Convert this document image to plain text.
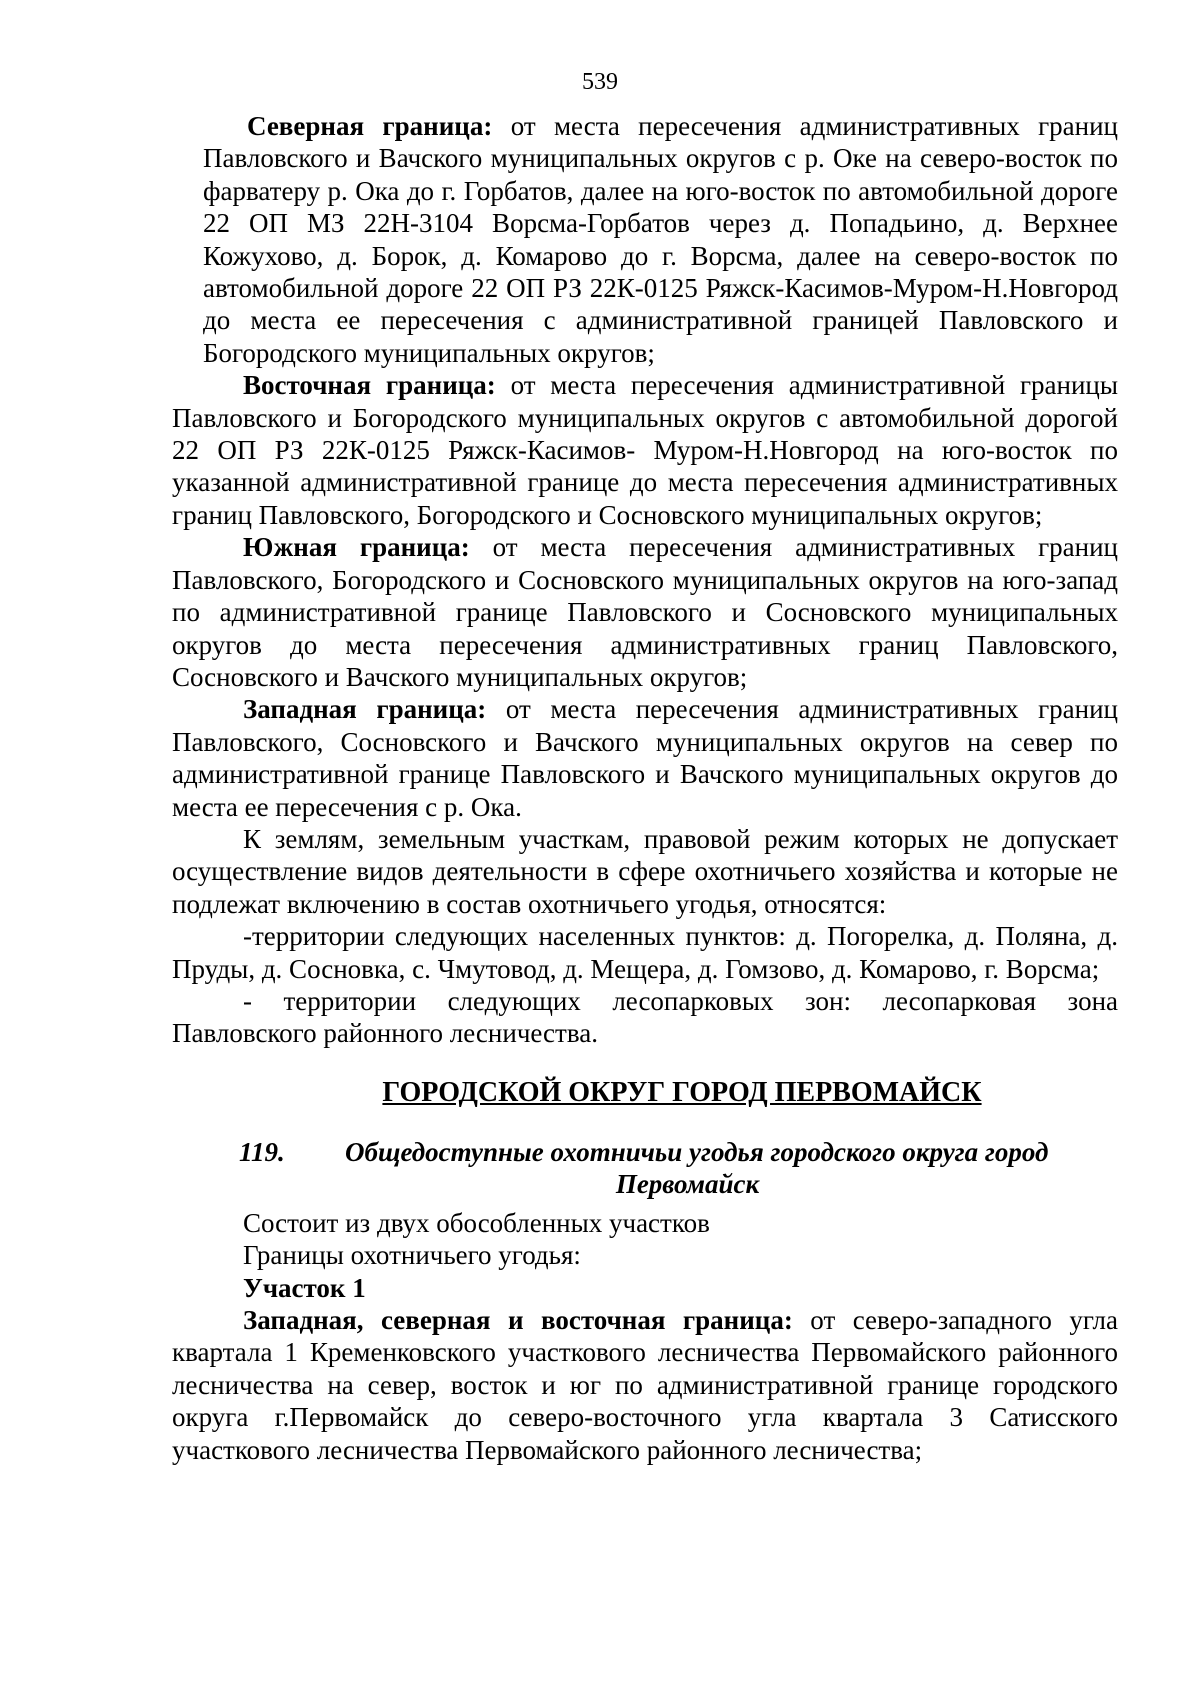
539

Северная граница: от места пересечения административных границ Павловского и Вачского муниципальных округов с р. Оке на северо-восток по фарватеру р. Ока до г. Горбатов, далее на юго-восток по автомобильной дороге 22 ОП МЗ 22Н-3104 Ворсма-Горбатов через д. Попадьино, д. Верхнее Кожухово, д. Борок, д. Комарово до г. Ворсма, далее на северо-восток по автомобильной дороге 22 ОП РЗ 22К-0125 Ряжск-Касимов-Муром-Н.Новгород до места ее пересечения с административной границей Павловского и Богородского муниципальных округов;

Восточная граница: от места пересечения административной границы Павловского и Богородского муниципальных округов с автомобильной дорогой 22 ОП РЗ 22К-0125 Ряжск-Касимов- Муром-Н.Новгород на юго-восток по указанной административной границе до места пересечения административных границ Павловского, Богородского и Сосновского муниципальных округов;

Южная граница: от места пересечения административных границ Павловского, Богородского и Сосновского муниципальных округов на юго-запад по административной границе Павловского и Сосновского муниципальных округов до места пересечения административных границ Павловского, Сосновского и Вачского муниципальных округов;

Западная граница: от места пересечения административных границ Павловского, Сосновского и Вачского муниципальных округов на север по административной границе Павловского и Вачского муниципальных округов до места ее пересечения с р. Ока.

К землям, земельным участкам, правовой режим которых не допускает осуществление видов деятельности в сфере охотничьего хозяйства и которые не подлежат включению в состав охотничьего угодья, относятся:

-территории следующих населенных пунктов: д. Погорелка, д. Поляна, д. Пруды, д. Сосновка, с. Чмутовод, д. Мещера, д. Гомзово, д. Комарово, г. Ворсма;

- территории следующих лесопарковых зон: лесопарковая зона Павловского районного лесничества.

ГОРОДСКОЙ ОКРУГ ГОРОД ПЕРВОМАЙСК
119. Общедоступные охотничьи угодья городского округа город
Первомайск

Состоит из двух обособленных участков

Границы охотничьего угодья:

Участок 1

Западная, северная и восточная граница: от северо-западного угла квартала 1 Кременковского участкового лесничества Первомайского районного лесничества на север, восток и юг по административной границе городского округа г.Первомайск до северо-восточного угла квартала 3 Сатисского участкового лесничества Первомайского районного лесничества;
